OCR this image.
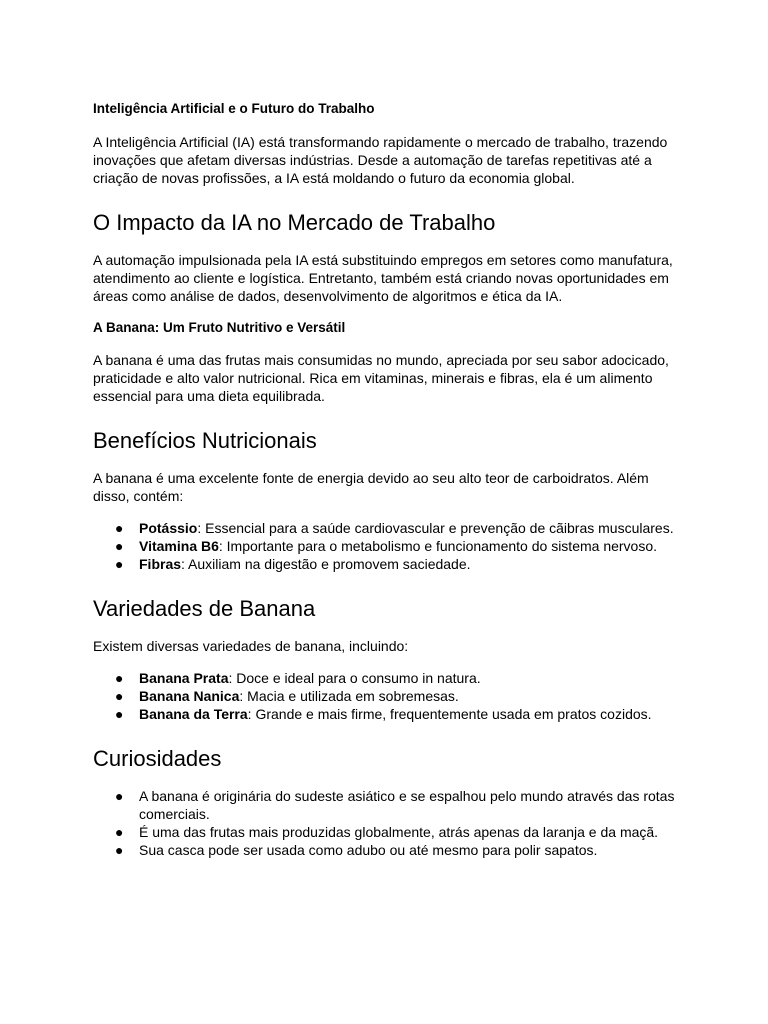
Inteligência Artificial e o Futuro do Trabalho

A Inteligência Artificial (IA) está transformando rapidamente o mercado de trabalho, trazendo inovações que afetam diversas indústrias. Desde a automação de tarefas repetitivas até a criação de novas profissões, a IA está moldando o futuro da economia global.

O Impacto da IA no Mercado de Trabalho

A automação impulsionada pela IA está substituindo empregos em setores como manufatura, atendimento ao cliente e logística. Entretanto, também está criando novas oportunidades em áreas como análise de dados, desenvolvimento de algoritmos e ética da IA.

A Banana: Um Fruto Nutritivo e Versátil

A banana é uma das frutas mais consumidas no mundo, apreciada por seu sabor adocicado, praticidade e alto valor nutricional. Rica em vitaminas, minerais e fibras, ela é um alimento essencial para uma dieta equilibrada.

Benefícios Nutricionais

A banana é uma excelente fonte de energia devido ao seu alto teor de carboidratos. Além disso, contém:

● Potássio: Essencial para a saúde cardiovascular e prevenção de cãibras musculares.
● Vitamina B6: Importante para o metabolismo e funcionamento do sistema nervoso.
● Fibras: Auxiliam na digestão e promovem saciedade.
Variedades de Banana

Existem diversas variedades de banana, incluindo:

● Banana Prata: Doce e ideal para o consumo in natura.
● Banana Nanica: Macia e utilizada em sobremesas.
● Banana da Terra: Grande e mais firme, frequentemente usada em pratos cozidos.
Curiosidades
● A banana é originária do sudeste asiático e se espalhou pelo mundo através das rotas comerciais.
● É uma das frutas mais produzidas globalmente, atrás apenas da laranja e da maçã.
● Sua casca pode ser usada como adubo ou até mesmo para polir sapatos.
